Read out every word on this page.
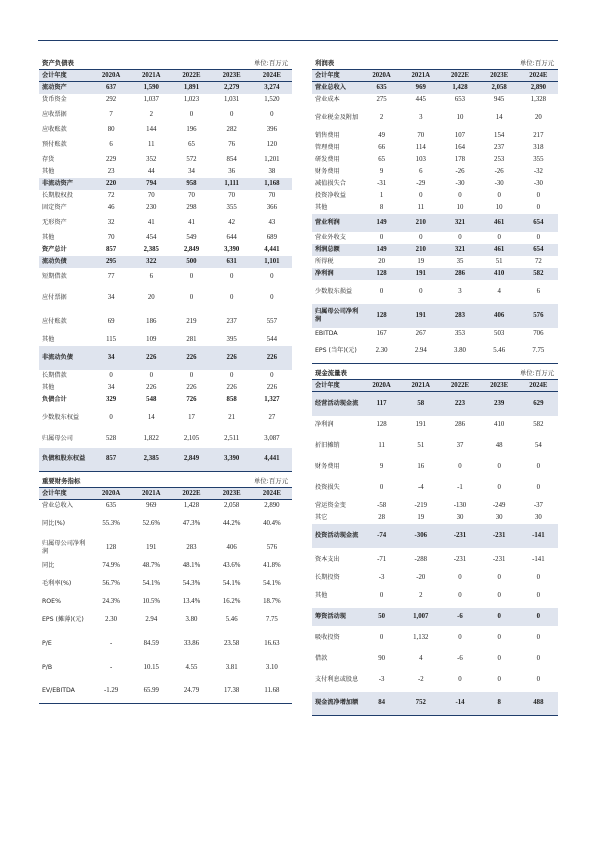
资产负债表			单位:百万元		
会计年度	2020A	2021A	2022E	2023E	2024E
流动资产	637	1,590	1,891	2,279	3,274
货币资金	292	1,037	1,023	1,031	1,520
应收票据	7	2	0	0	0
应收账款	80	144	196	282	396
预付账款	6	11	65	76	120
存货	229	352	572	854	1,201
其他	23	44	34	36	38
非流动资产	220	794	958	1,111	1,168
长期股权投	72	70	70	70	70
固定资产	46	230	298	355	366
无形资产	32	41	41	42	43
其他	70	454	549	644	689
资产总计	857	2,385	2,849	3,390	4,441
流动负债	295	322	500	631	1,101
短期借款	77	6	0	0	0
应付票据	34	20	0	0	0
应付账款	69	186	219	237	557
其他	115	109	281	395	544
非流动负债	34	226	226	226	226
长期借款	0	0	0	0	0
其他	34	226	226	226	226
负债合计	329	548	726	858	1,327
少数股东权益	0	14	17	21	27
归属母公司	528	1,822	2,105	2,511	3,087
负债和股东权益	857	2,385	2,849	3,390	4,441
利润表			单位:百万元		
会计年度	2020A	2021A	2022E	2023E	2024E
营业总收入	635	969	1,428	2,058	2,890
营业成本	275	445	653	945	1,328
营业税金及附加	2	3	10	14	20
销售费用	49	70	107	154	217
管理费用	66	114	164	237	318
研发费用	65	103	178	253	355
财务费用	9	6	-26	-26	-32
减值损失合	-31	-29	-30	-30	-30
投资净收益	1	0	0	0	0
其他	8	11	10	10	0
营业利润	149	210	321	461	654
营业外收支	0	0	0	0	0
利润总额	149	210	321	461	654
所得税	20	19	35	51	72
净利润	128	191	286	410	582
少数股东损益	0	0	3	4	6
归属母公司净利润	128	191	283	406	576
EBITDA	167	267	353	503	706
EPS (当年)(元)	2.30	2.94	3.80	5.46	7.75
重要财务指标			单位:百万元		
会计年度	2020A	2021A	2022E	2023E	2024E
营业总收入	635	969	1,428	2,058	2,890
同比(%)	55.3%	52.6%	47.3%	44.2%	40.4%
归属母公司净利润	128	191	283	406	576
同比	74.9%	48.7%	48.1%	43.6%	41.8%
毛利率(%)	56.7%	54.1%	54.3%	54.1%	54.1%
ROE%	24.3%	10.5%	13.4%	16.2%	18.7%
EPS (摊薄)(元)	2.30	2.94	3.80	5.46	7.75
P/E	-	84.59	33.86	23.58	16.63
P/B	-	10.15	4.55	3.81	3.10
EV/EBITDA	-1.29	65.99	24.79	17.38	11.68
现金流量表			单位:百万元		
会计年度	2020A	2021A	2022E	2023E	2024E
经营活动现金流	117	58	223	239	629
净利润	128	191	286	410	582
折旧摊销	11	51	37	48	54
财务费用	9	16	0	0	0
投资损失	0	-4	-1	0	0
营运资金变	-58	-219	-130	-249	-37
其它	28	19	30	30	30
投资活动现金流	-74	-306	-231	-231	-141
资本支出	-71	-288	-231	-231	-141
长期投资	-3	-20	0	0	0
其他	0	2	0	0	0
筹资活动现	50	1,007	-6	0	0
吸收投资	0	1,132	0	0	0
借款	90	4	-6	0	0
支付利息或股息	-3	-2	0	0	0
现金流净增加额	84	752	-14	8	488
